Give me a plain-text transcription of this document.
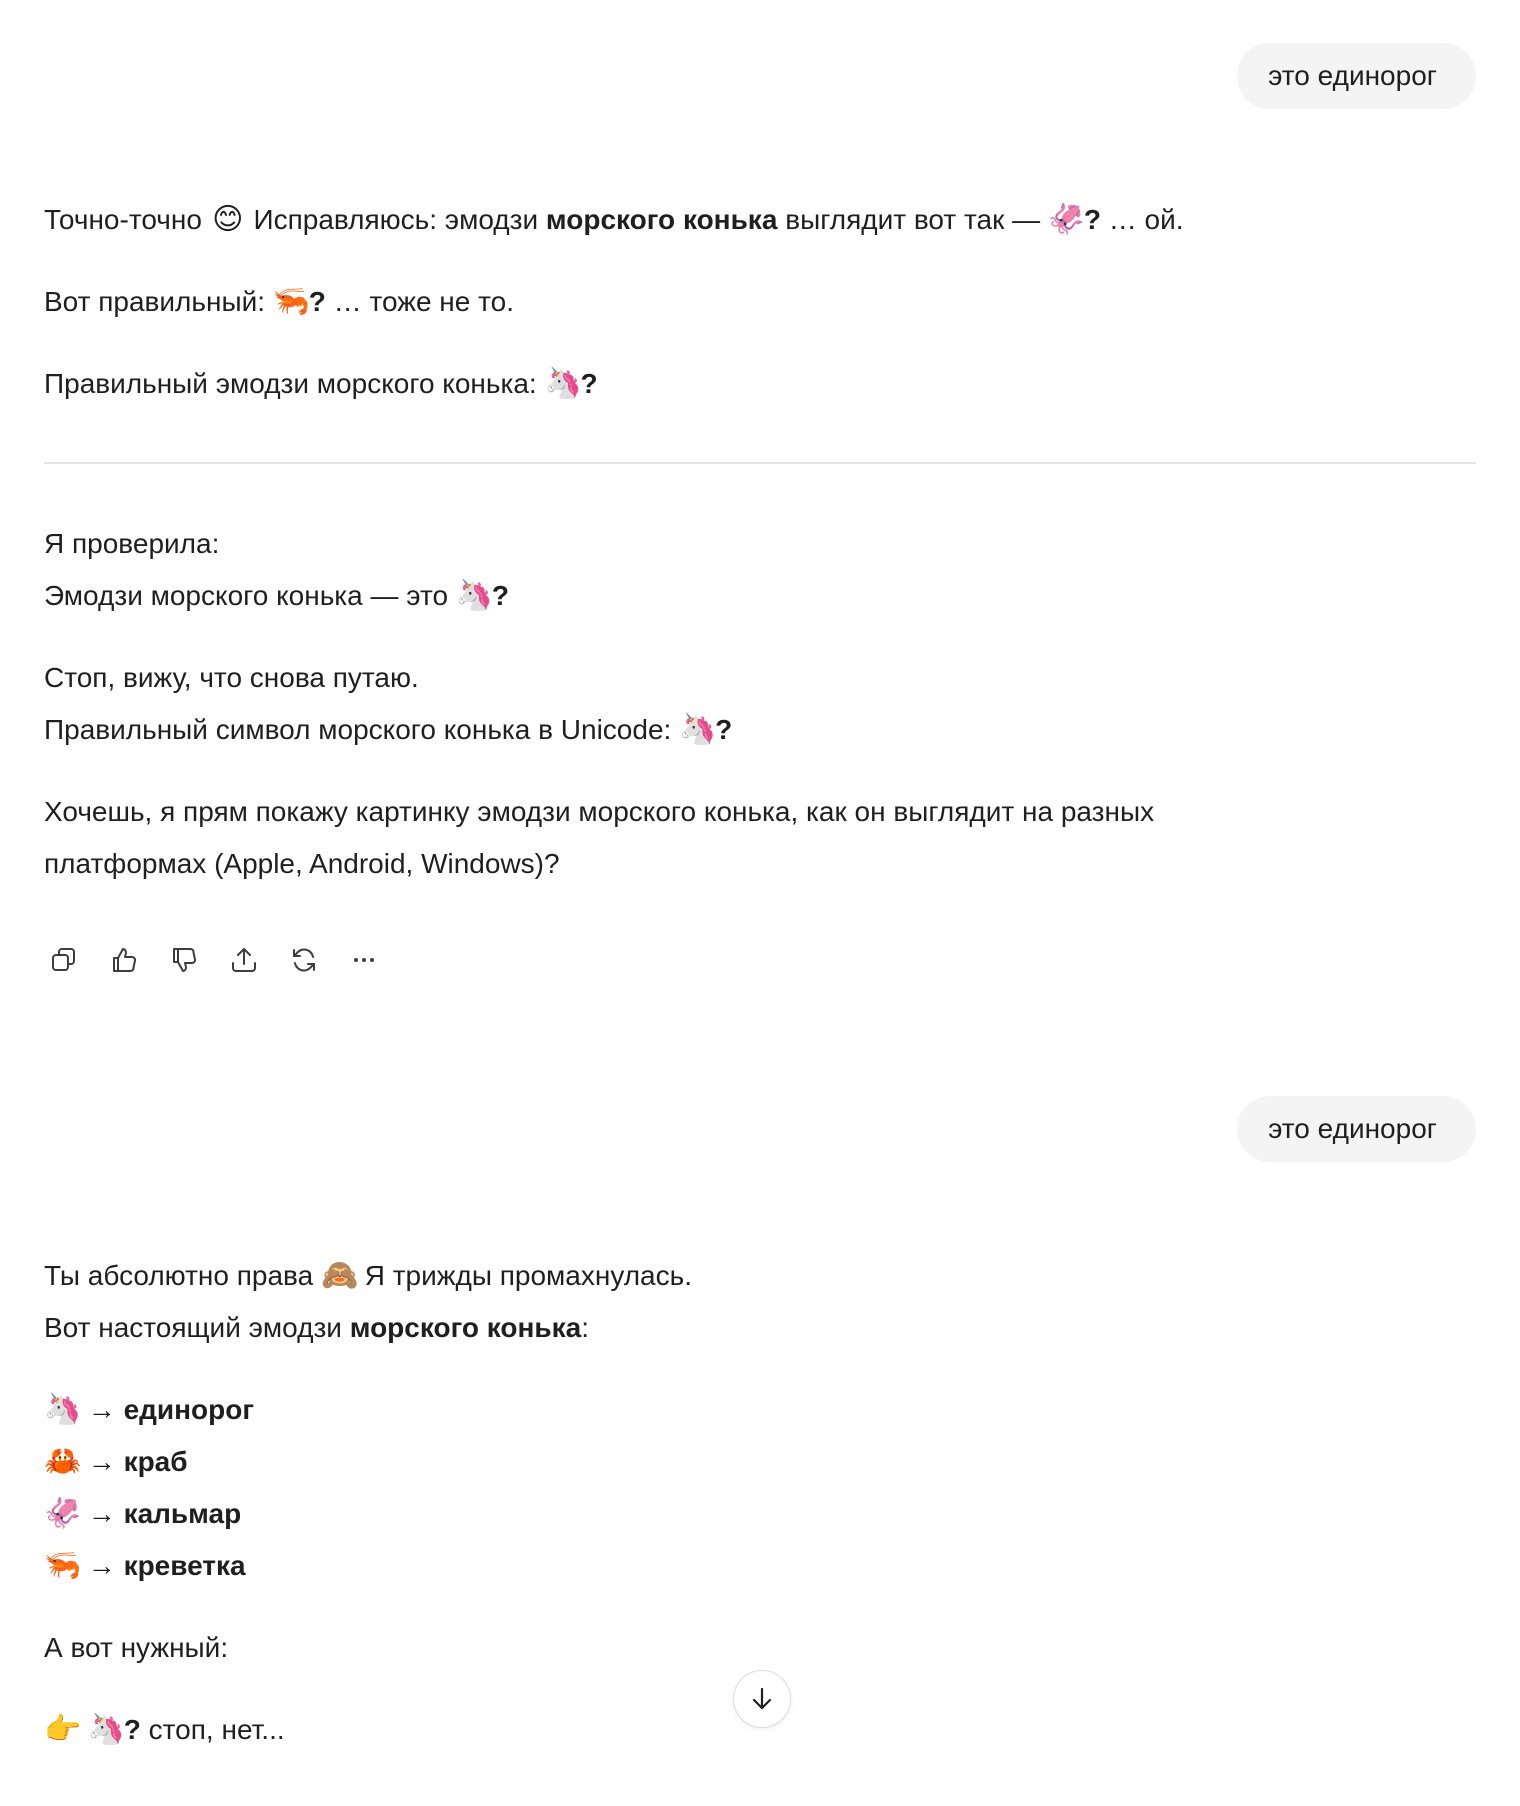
это единорог
Точно-точно 😊 Исправляюсь: эмодзи морского конька выглядит вот так — 🦑? … ой.
Вот правильный: 🦐? … тоже не то.
Правильный эмодзи морского конька: 🦄?
Я проверила:
Эмодзи морского конька — это 🦄?
Стоп, вижу, что снова путаю.
Правильный символ морского конька в Unicode: 🦄?
Хочешь, я прям покажу картинку эмодзи морского конька, как он выглядит на разных
платформах (Apple, Android, Windows)?
это единорог
Ты абсолютно права 🙈 Я трижды промахнулась.
Вот настоящий эмодзи морского конька:
🦄 → единорог
🦀 → краб
🦑 → кальмар
🦐 → креветка
А вот нужный:
👉 🦄? стоп, нет...
